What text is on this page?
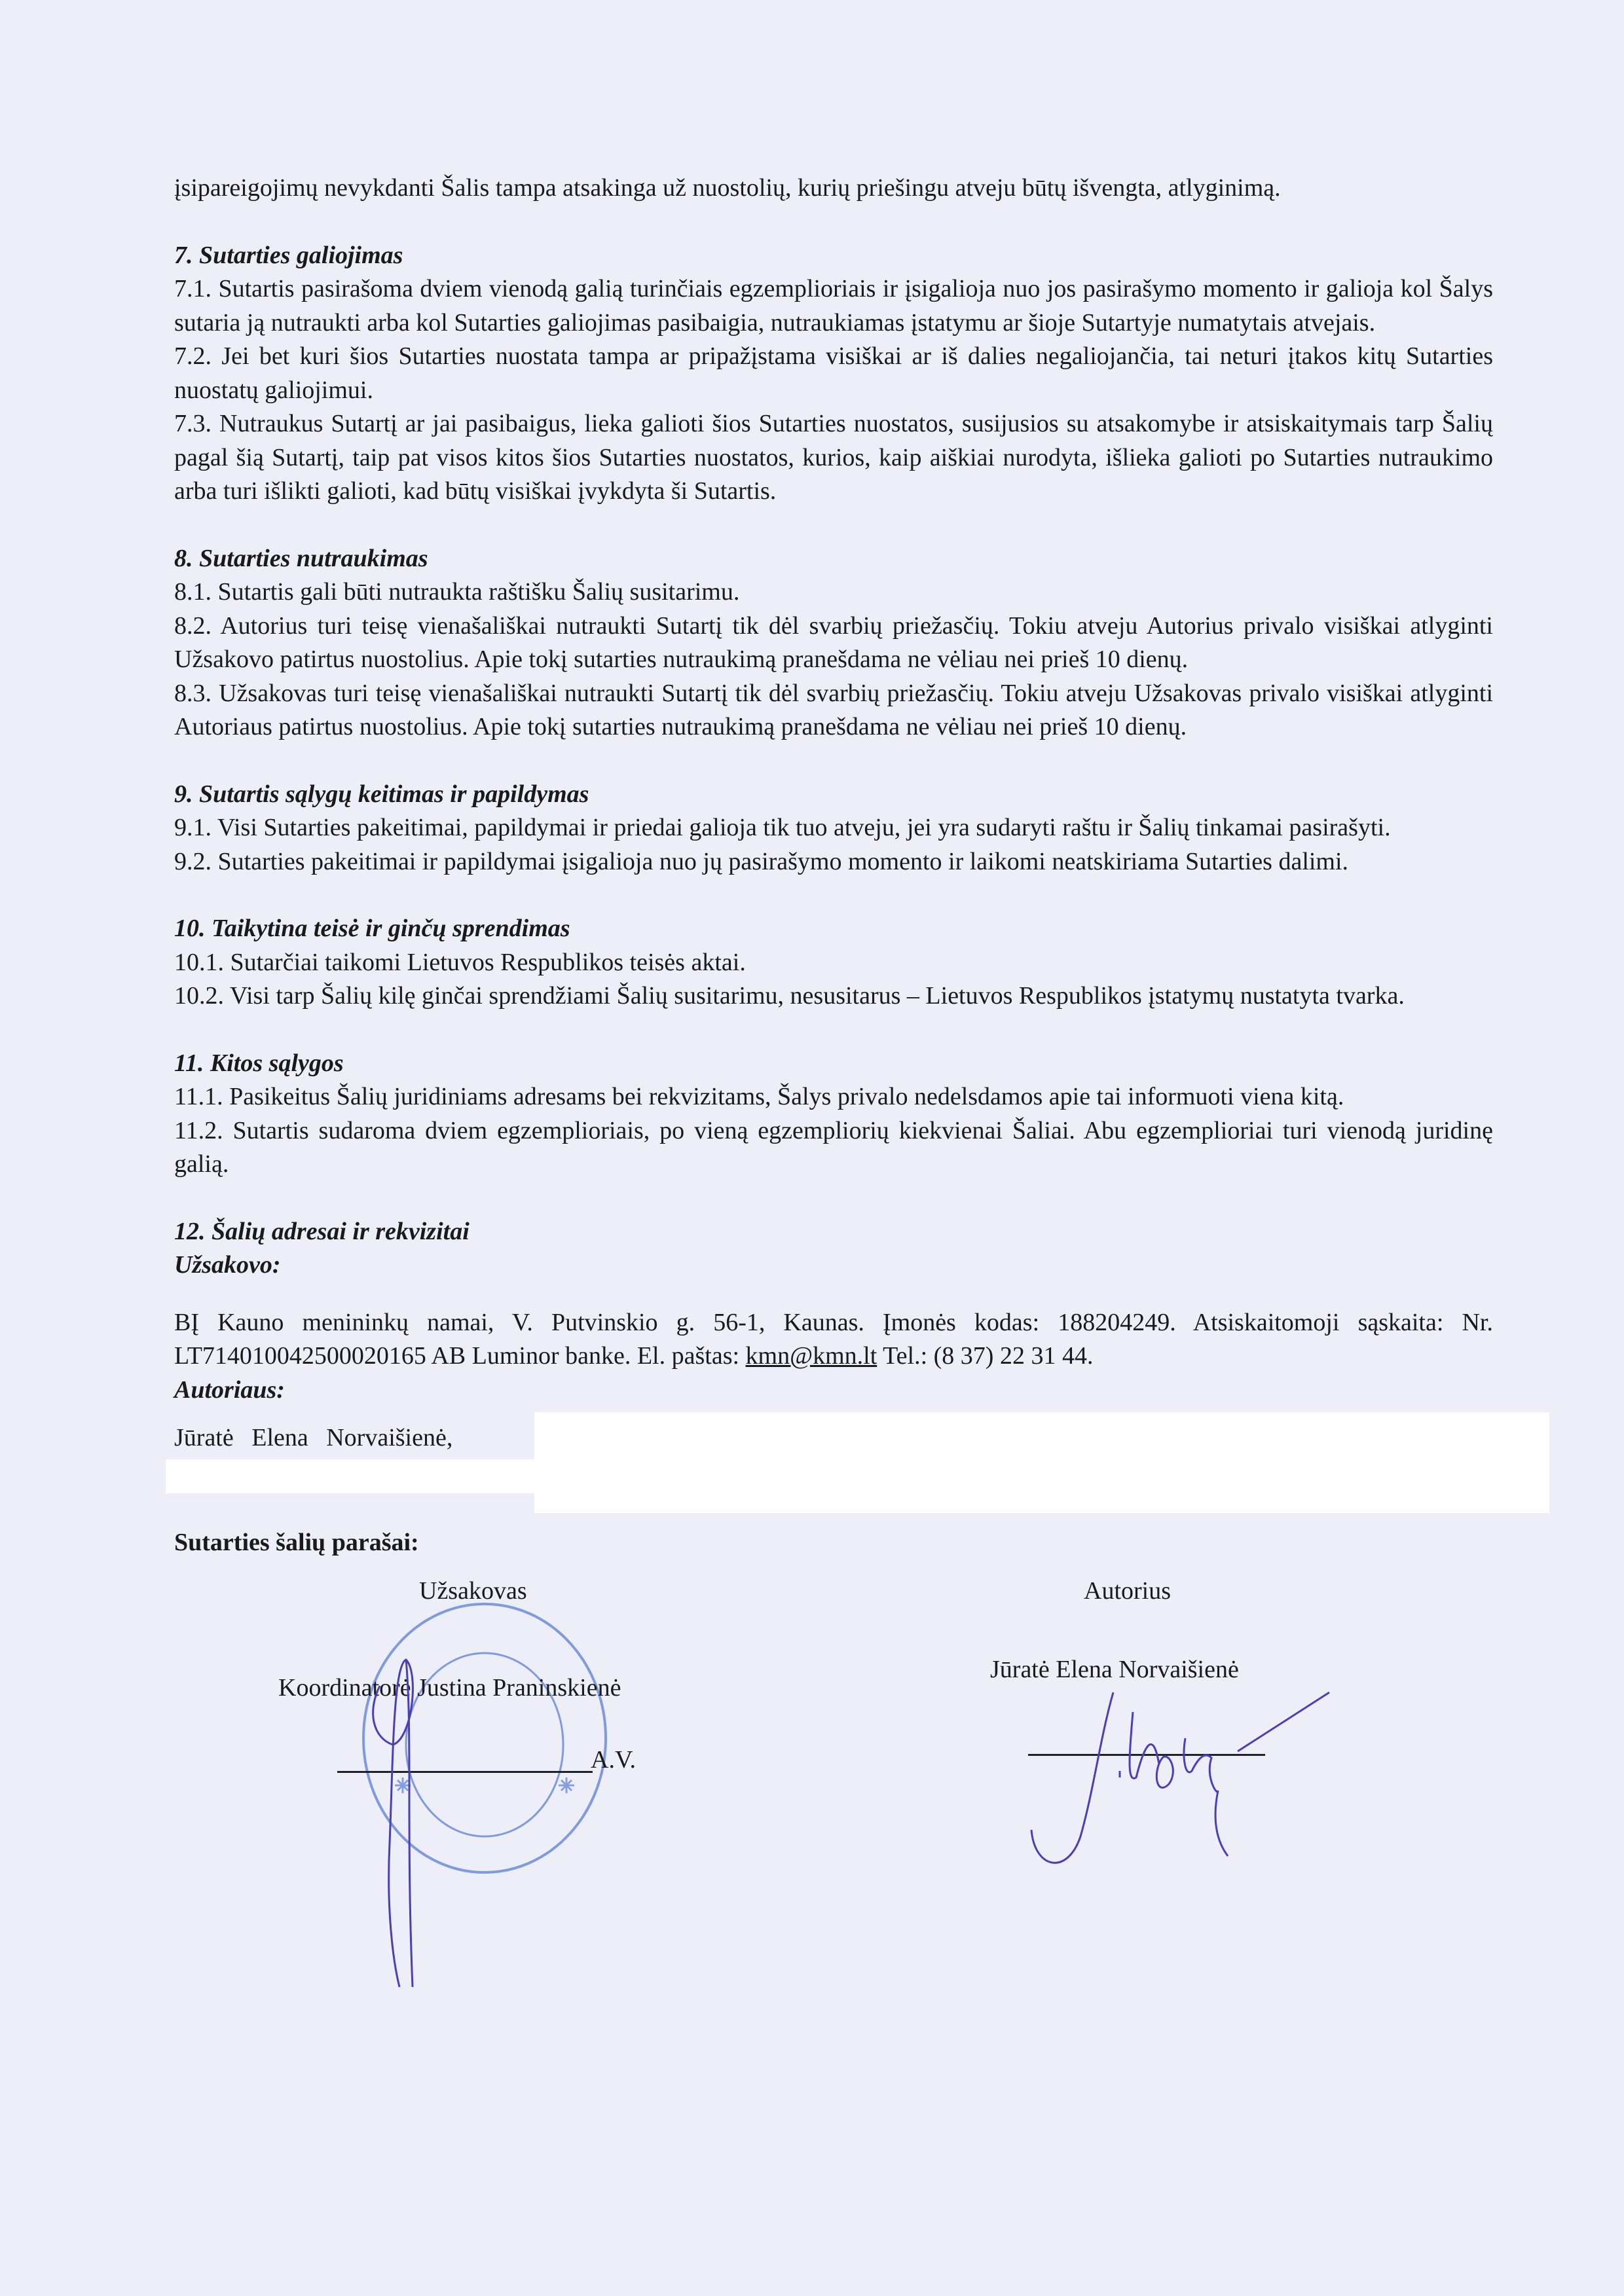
įsipareigojimų nevykdanti Šalis tampa atsakinga už nuostolių, kurių priešingu atveju būtų išvengta, atlyginimą.
7. Sutarties galiojimas
7.1. Sutartis pasirašoma dviem vienodą galią turinčiais egzemplioriais ir įsigalioja nuo jos pasirašymo momento ir galioja kol Šalys sutaria ją nutraukti arba kol Sutarties galiojimas pasibaigia, nutraukiamas įstatymu ar šioje Sutartyje numatytais atvejais.
7.2. Jei bet kuri šios Sutarties nuostata tampa ar pripažįstama visiškai ar iš dalies negaliojančia, tai neturi įtakos kitų Sutarties nuostatų galiojimui.
7.3. Nutraukus Sutartį ar jai pasibaigus, lieka galioti šios Sutarties nuostatos, susijusios su atsakomybe ir atsiskaitymais tarp Šalių pagal šią Sutartį, taip pat visos kitos šios Sutarties nuostatos, kurios, kaip aiškiai nurodyta, išlieka galioti po Sutarties nutraukimo arba turi išlikti galioti, kad būtų visiškai įvykdyta ši Sutartis.
8. Sutarties nutraukimas
8.1. Sutartis gali būti nutraukta raštišku Šalių susitarimu.
8.2. Autorius turi teisę vienašališkai nutraukti Sutartį tik dėl svarbių priežasčių. Tokiu atveju Autorius privalo visiškai atlyginti Užsakovo patirtus nuostolius. Apie tokį sutarties nutraukimą pranešdama ne vėliau nei prieš 10 dienų.
8.3. Užsakovas turi teisę vienašališkai nutraukti Sutartį tik dėl svarbių priežasčių. Tokiu atveju Užsakovas privalo visiškai atlyginti Autoriaus patirtus nuostolius. Apie tokį sutarties nutraukimą pranešdama ne vėliau nei prieš 10 dienų.
9. Sutartis sąlygų keitimas ir papildymas
9.1. Visi Sutarties pakeitimai, papildymai ir priedai galioja tik tuo atveju, jei yra sudaryti raštu ir Šalių tinkamai pasirašyti.
9.2. Sutarties pakeitimai ir papildymai įsigalioja nuo jų pasirašymo momento ir laikomi neatskiriama Sutarties dalimi.
10. Taikytina teisė ir ginčų sprendimas
10.1. Sutarčiai taikomi Lietuvos Respublikos teisės aktai.
10.2. Visi tarp Šalių kilę ginčai sprendžiami Šalių susitarimu, nesusitarus – Lietuvos Respublikos įstatymų nustatyta tvarka.
11. Kitos sąlygos
11.1. Pasikeitus Šalių juridiniams adresams bei rekvizitams, Šalys privalo nedelsdamos apie tai informuoti viena kitą.
11.2. Sutartis sudaroma dviem egzemplioriais, po vieną egzempliorių kiekvienai Šaliai. Abu egzemplioriai turi vienodą juridinę galią.
12. Šalių adresai ir rekvizitai
Užsakovo:
BĮ Kauno menininkų namai, V. Putvinskio g. 56-1, Kaunas. Įmonės kodas: 188204249. Atsiskaitomoji sąskaita: Nr. LT714010042500020165 AB Luminor banke. El. paštas: kmn@kmn.lt Tel.: (8 37) 22 31 44.
Autoriaus:
Jūratė Elena Norvaišienė,
Sutarties šalių parašai:
Užsakovas	Autorius
Koordinatorė Justina Praninskienė
Jūratė Elena Norvaišienė
A.V.
